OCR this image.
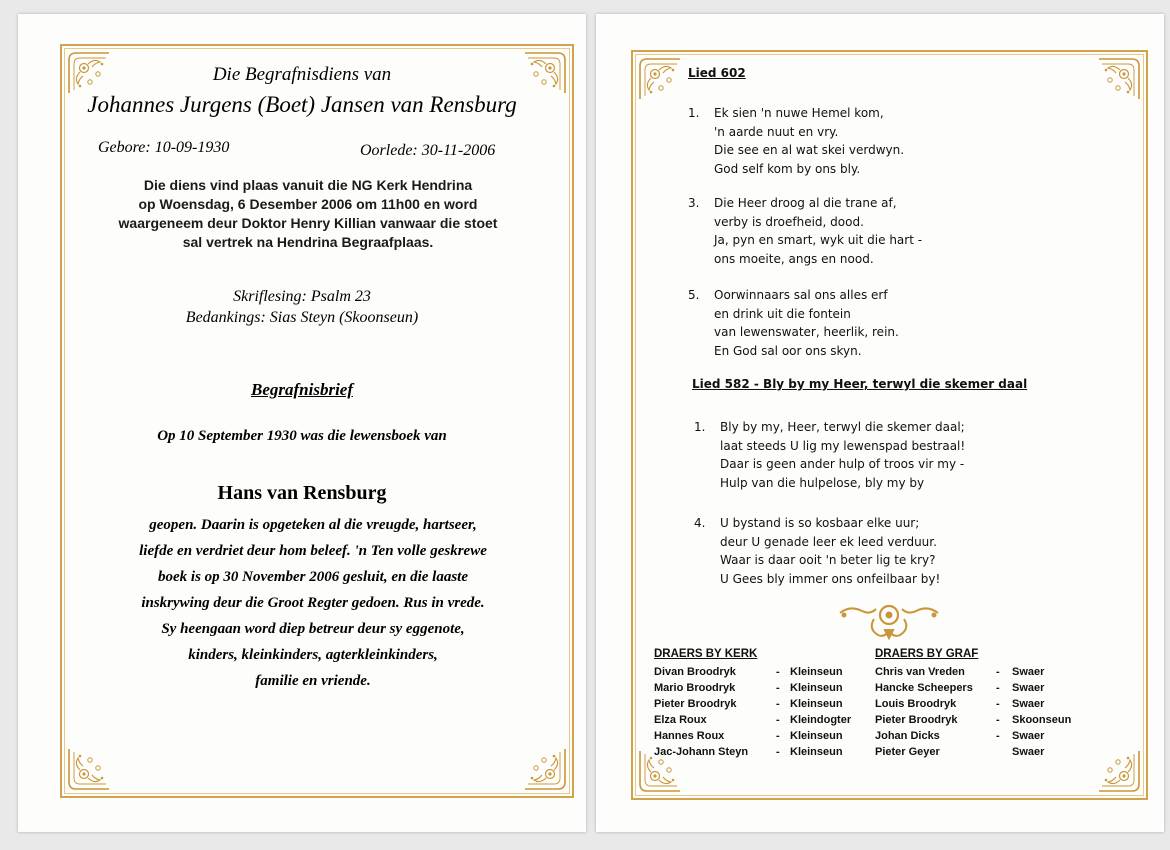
Die Begrafnisdiens van
Johannes Jurgens (Boet) Jansen van Rensburg
Gebore: 10-09-1930	Oorlede: 30-11-2006
Die diens vind plaas vanuit die NG Kerk Hendrina
op Woensdag, 6 Desember 2006 om 11h00 en word
waargeneem deur Doktor Henry Killian vanwaar die stoet
sal vertrek na Hendrina Begraafplaas.
Skriflesing: Psalm 23
Bedankings: Sias Steyn (Skoonseun)
Begrafnisbrief
Op 10 September 1930 was die lewensboek van
Hans van Rensburg
geopen. Daarin is opgeteken al die vreugde, hartseer,
liefde en verdriet deur hom beleef. 'n Ten volle geskrewe
boek is op 30 November 2006 gesluit, en die laaste
inskrywing deur die Groot Regter gedoen. Rus in vrede.
Sy heengaan word diep betreur deur sy eggenote,
kinders, kleinkinders, agterkleinkinders,
familie en vriende.
Lied 602
1. Ek sien 'n nuwe Hemel kom,
'n aarde nuut en vry.
Die see en al wat skei verdwyn.
God self kom by ons bly.
3. Die Heer droog al die trane af,
verby is droefheid, dood.
Ja, pyn en smart, wyk uit die hart -
ons moeite, angs en nood.
5. Oorwinnaars sal ons alles erf
en drink uit die fontein
van lewenswater, heerlik, rein.
En God sal oor ons skyn.
Lied 582 - Bly by my Heer, terwyl die skemer daal
1. Bly by my, Heer, terwyl die skemer daal;
laat steeds U lig my lewenspad bestraal!
Daar is geen ander hulp of troos vir my -
Hulp van die hulpelose, bly my by
4. U bystand is so kosbaar elke uur;
deur U genade leer ek leed verduur.
Waar is daar ooit 'n beter lig te kry?
U Gees bly immer ons onfeilbaar by!
DRAERS BY KERK
Divan Broodryk	- Kleinseun
Mario Broodryk	- Kleinseun
Pieter Broodryk	- Kleinseun
Elza Roux	- Kleindogter
Hannes Roux	- Kleinseun
Jac-Johann Steyn	- Kleinseun
DRAERS BY GRAF
Chris van Vreden	- Swaer
Hancke Scheepers - Swaer
Louis Broodryk	- Swaer
Pieter Broodryk	- Skoonseun
Johan Dicks	- Swaer
Pieter Geyer	Swaer
